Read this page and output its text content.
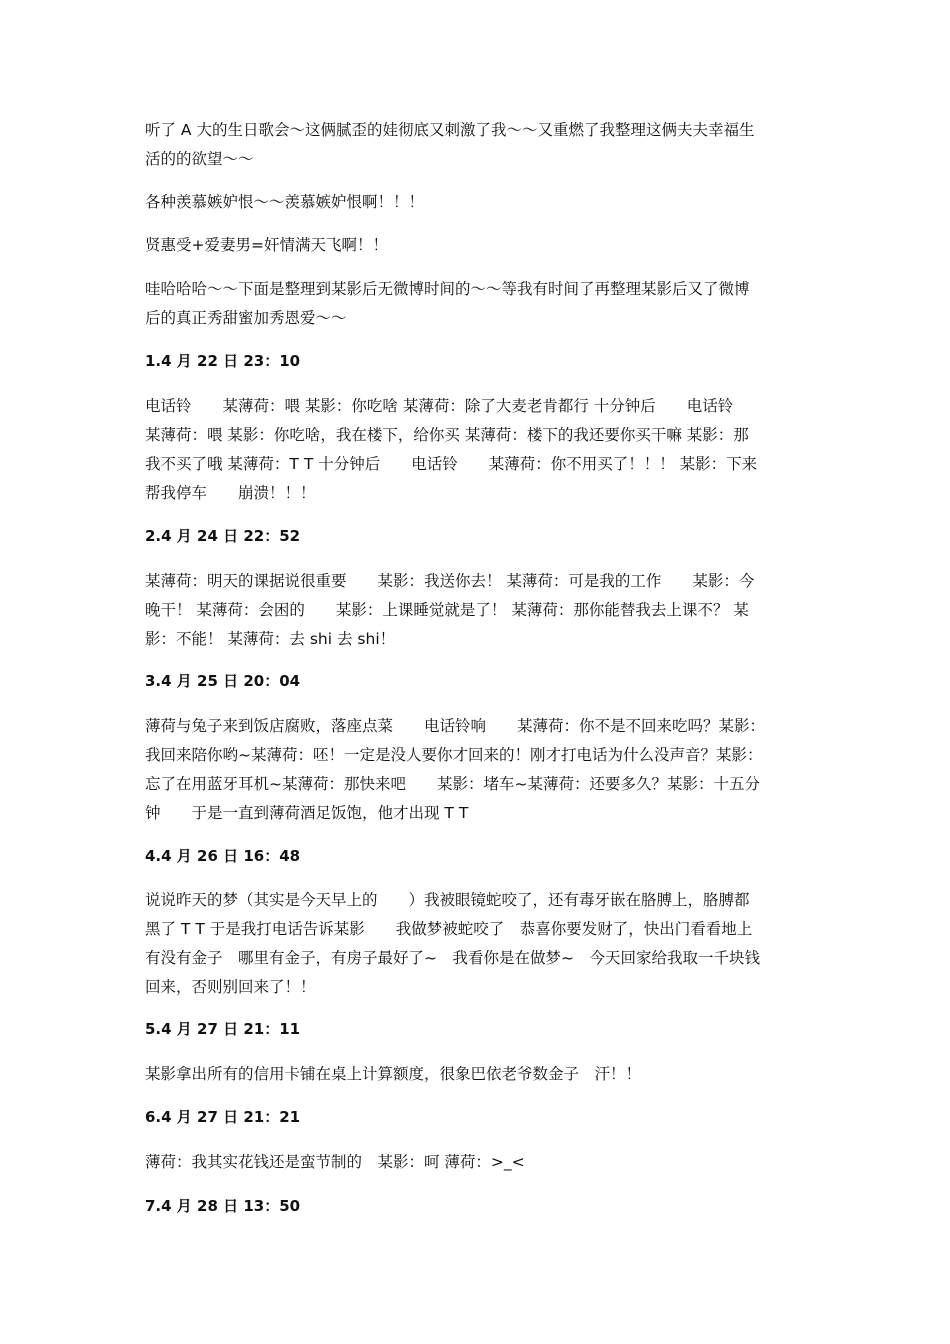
听了 A 大的生日歌会～这俩腻歪的娃彻底又刺激了我～～又重燃了我整理这俩夫夫幸福生
活的的欲望～～

各种羡慕嫉妒恨～～羡慕嫉妒恨啊！！！

贤惠受+爱妻男=奸情满天飞啊！！

哇哈哈哈～～下面是整理到某影后无微博时间的～～等我有时间了再整理某影后又了微博
后的真正秀甜蜜加秀恩爱～～

1.4 月 22 日 23：10

电话铃　　某薄荷：喂 某影：你吃啥 某薄荷：除了大麦老肯都行 十分钟后　　电话铃
某薄荷：喂 某影：你吃啥，我在楼下，给你买 某薄荷：楼下的我还要你买干嘛 某影：那
我不买了哦 某薄荷：T T 十分钟后　　电话铃　　某薄荷：你不用买了！！！ 某影：下来
帮我停车　　崩溃！！！

2.4 月 24 日 22：52

某薄荷：明天的课据说很重要　　某影：我送你去！ 某薄荷：可是我的工作　　某影：今
晚干！ 某薄荷：会困的　　某影：上课睡觉就是了！ 某薄荷：那你能替我去上课不？ 某
影：不能！ 某薄荷：去 shi 去 shi！

3.4 月 25 日 20：04

薄荷与兔子来到饭店腐败，落座点菜　　电话铃响　　某薄荷：你不是不回来吃吗？某影：
我回来陪你哟~某薄荷：呸！一定是没人要你才回来的！刚才打电话为什么没声音？某影：
忘了在用蓝牙耳机~某薄荷：那快来吧　　某影：堵车~某薄荷：还要多久？某影：十五分
钟　　于是一直到薄荷酒足饭饱，他才出现 T T

4.4 月 26 日 16：48

说说昨天的梦（其实是今天早上的　　）我被眼镜蛇咬了，还有毒牙嵌在胳膊上，胳膊都
黑了 T T 于是我打电话告诉某影　　我做梦被蛇咬了　恭喜你要发财了，快出门看看地上
有没有金子　哪里有金子，有房子最好了~　我看你是在做梦~　今天回家给我取一千块钱
回来，否则别回来了！！

5.4 月 27 日 21：11

某影拿出所有的信用卡铺在桌上计算额度，很象巴依老爷数金子　汗！！

6.4 月 27 日 21：21

薄荷：我其实花钱还是蛮节制的　某影：呵 薄荷：>_<

7.4 月 28 日 13：50
